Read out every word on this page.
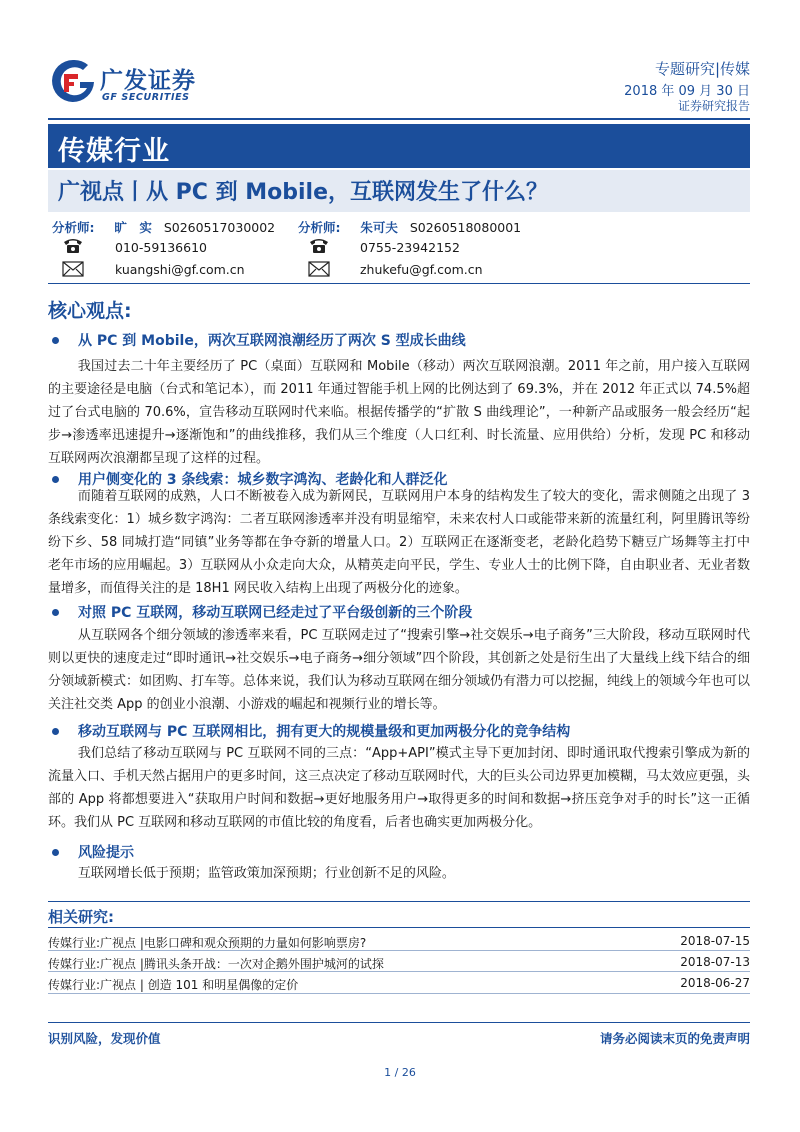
广发证券
GF SECURITIES
专题研究|传媒
2018 年 09 月 30 日
证券研究报告
传媒行业
广视点丨从 PC 到 Mobile，互联网发生了什么？
分析师: 旷　实 S0260517030002 分析师: 朱可夫 S0260518080001
010-59136610	0755-23942152
kuangshi@gf.com.cn	zhukefu@gf.com.cn
核心观点:
从 PC 到 Mobile，两次互联网浪潮经历了两次 S 型成长曲线
我国过去二十年主要经历了 PC（桌面）互联网和 Mobile（移动）两次互联网浪潮。2011 年之前，用户接入互联网的主要途径是电脑（台式和笔记本），而 2011 年通过智能手机上网的比例达到了 69.3%，并在 2012 年正式以 74.5%超过了台式电脑的 70.6%，宣告移动互联网时代来临。根据传播学的“扩散 S 曲线理论”，一种新产品或服务一般会经历“起步→渗透率迅速提升→逐渐饱和”的曲线推移，我们从三个维度（人口红利、时长流量、应用供给）分析，发现 PC 和移动互联网两次浪潮都呈现了这样的过程。
用户侧变化的 3 条线索：城乡数字鸿沟、老龄化和人群泛化
而随着互联网的成熟，人口不断被卷入成为新网民，互联网用户本身的结构发生了较大的变化，需求侧随之出现了 3 条线索变化：1）城乡数字鸿沟：二者互联网渗透率并没有明显缩窄，未来农村人口或能带来新的流量红利，阿里腾讯等纷纷下乡、58 同城打造“同镇”业务等都在争夺新的增量人口。2）互联网正在逐渐变老，老龄化趋势下糖豆广场舞等主打中老年市场的应用崛起。3）互联网从小众走向大众，从精英走向平民，学生、专业人士的比例下降，自由职业者、无业者数量增多，而值得关注的是 18H1 网民收入结构上出现了两极分化的迹象。
对照 PC 互联网，移动互联网已经走过了平台级创新的三个阶段
从互联网各个细分领域的渗透率来看，PC 互联网走过了“搜索引擎→社交娱乐→电子商务”三大阶段，移动互联网时代则以更快的速度走过“即时通讯→社交娱乐→电子商务→细分领域”四个阶段，其创新之处是衍生出了大量线上线下结合的细分领域新模式：如团购、打车等。总体来说，我们认为移动互联网在细分领域仍有潜力可以挖掘，纯线上的领域今年也可以关注社交类 App 的创业小浪潮、小游戏的崛起和视频行业的增长等。
移动互联网与 PC 互联网相比，拥有更大的规模量级和更加两极分化的竞争结构
我们总结了移动互联网与 PC 互联网不同的三点：“App+API”模式主导下更加封闭、即时通讯取代搜索引擎成为新的流量入口、手机天然占据用户的更多时间，这三点决定了移动互联网时代，大的巨头公司边界更加模糊，马太效应更强，头部的 App 将都想要进入“获取用户时间和数据→更好地服务用户→取得更多的时间和数据→挤压竞争对手的时长”这一正循环。我们从 PC 互联网和移动互联网的市值比较的角度看，后者也确实更加两极分化。
风险提示
互联网增长低于预期；监管政策加深预期；行业创新不足的风险。
相关研究:
传媒行业:广视点 |电影口碑和观众预期的力量如何影响票房?	2018-07-15
传媒行业:广视点 |腾讯头条开战：一次对企鹅外围护城河的试探	2018-07-13
传媒行业:广视点 | 创造 101 和明星偶像的定价	2018-06-27
识别风险，发现价值	请务必阅读末页的免责声明
1 / 26
